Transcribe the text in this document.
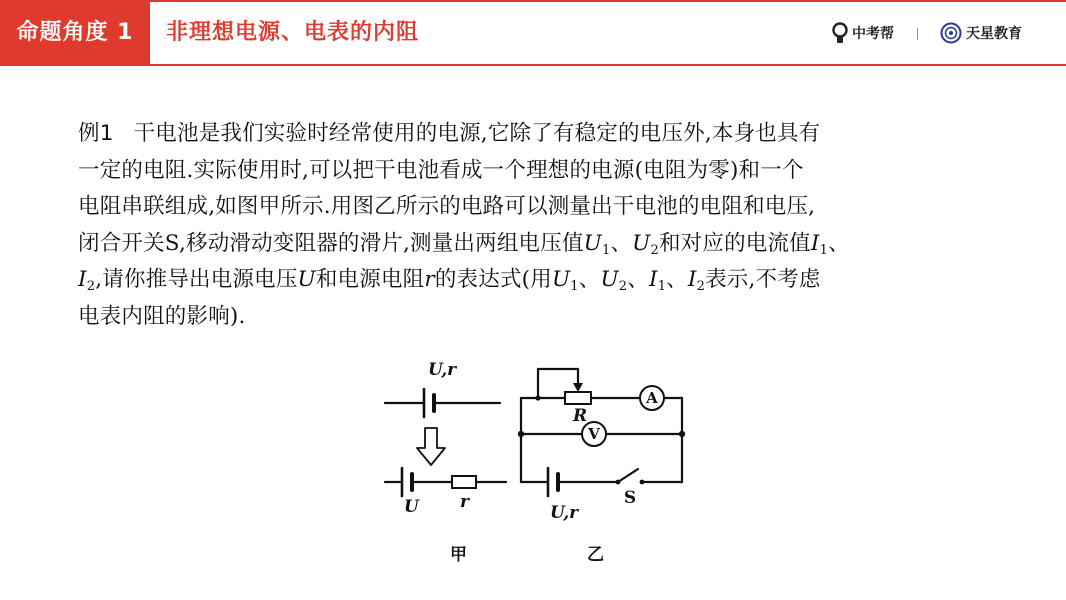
命题角度 1	非理想电源、电表的内阻	中考帮	天星教育
例1 干电池是我们实验时经常使用的电源,它除了有稳定的电压外,本身也具有
一定的电阻.实际使用时,可以把干电池看成一个理想的电源(电阻为零)和一个
电阻串联组成,如图甲所示.用图乙所示的电路可以测量出干电池的电阻和电压,
闭合开关S,移动滑动变阻器的滑片,测量出两组电压值$U_1$、$U_2$和对应的电流值$I_1$、
$I_2$,请你推导出电源电压U和电源电阻r的表达式(用$U_1$、$U_2$、$I_1$、$I_2$表示,不考虑
电表内阻的影响).
U,r
U r
R
U,r
A
V
S
甲	乙
